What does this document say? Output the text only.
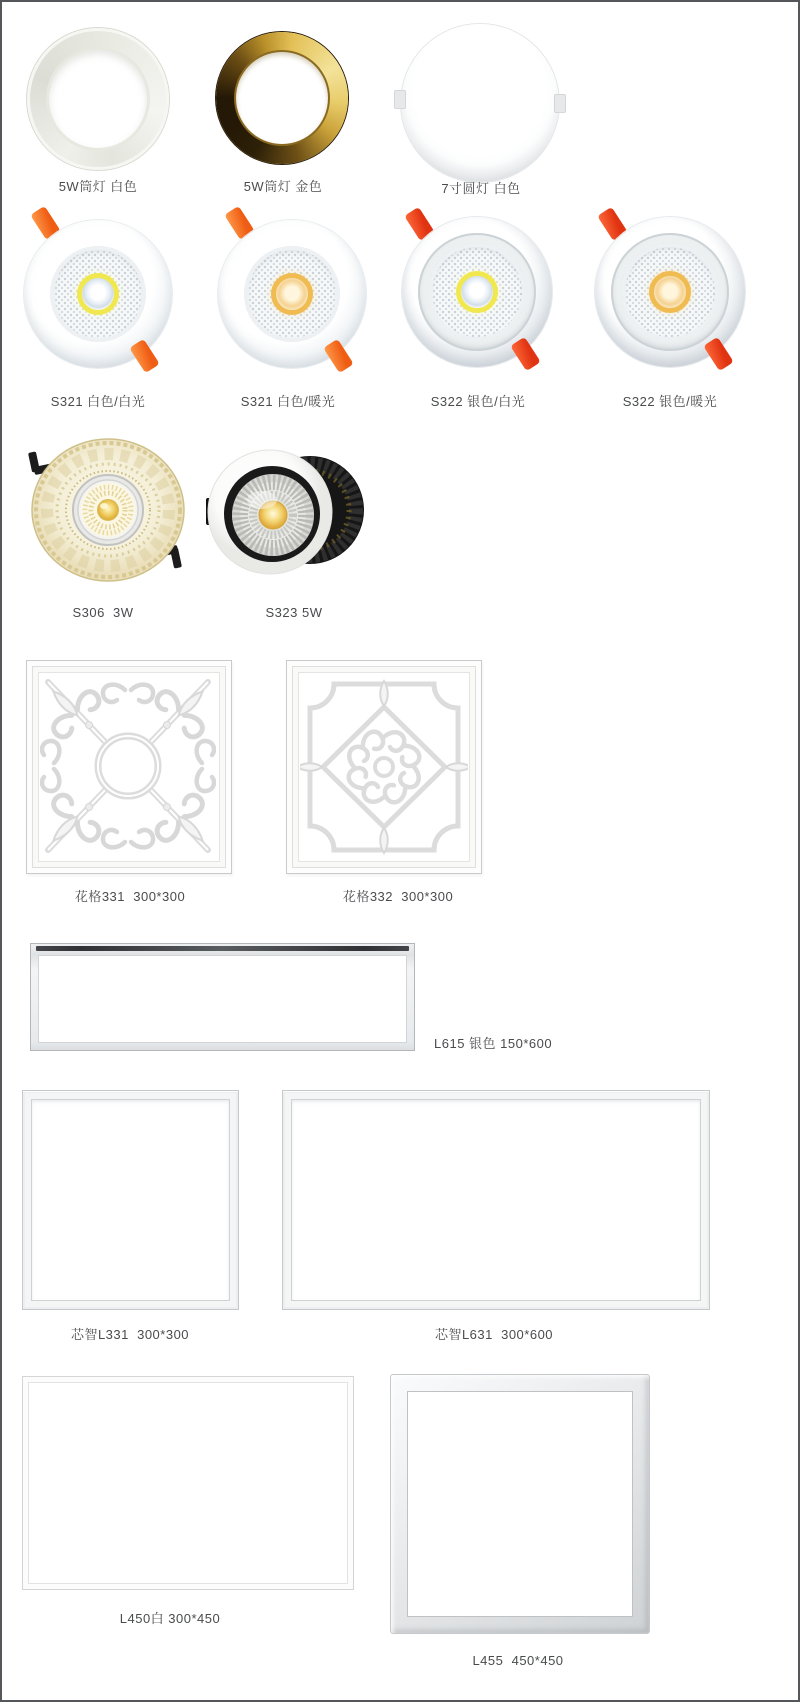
5W筒灯 白色	5W筒灯 金色	7寸圆灯 白色
S321 白色/白光	S321 白色/暖光	S322 银色/白光	S322 银色/暖光
S306  3W	S323 5W
花格331  300*300	花格332  300*300
L615 银色 150*600
芯智L331  300*300	芯智L631  300*600
L450白 300*450
L455  450*450
